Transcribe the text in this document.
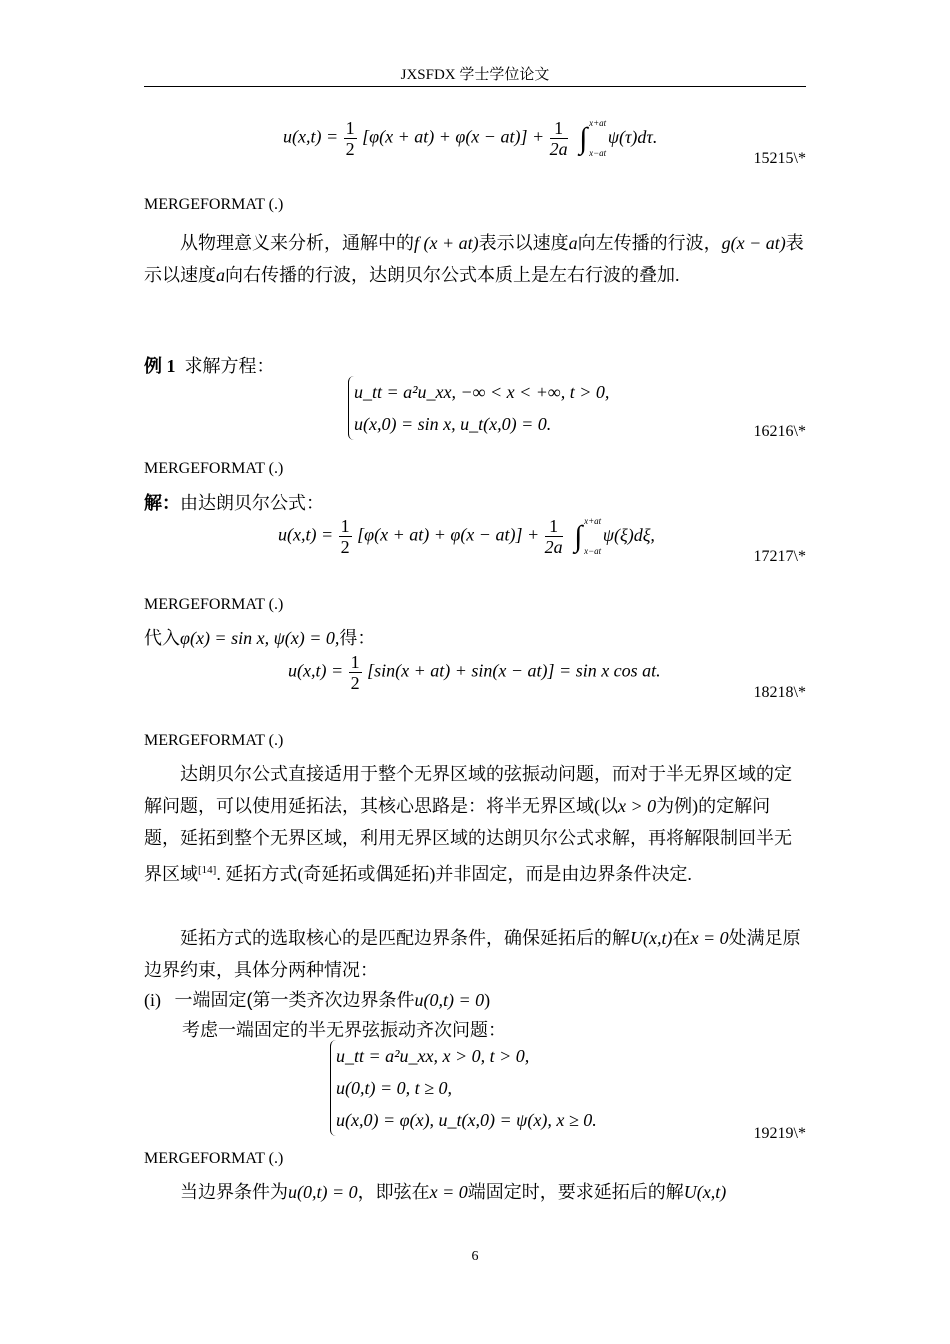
JXSFDX 学士学位论文
$u(x,t) = \frac{1}{2} [\varphi(x + at) + \varphi(x - at)] + \frac{1}{2a}$ ∫ x+at
x−at
ψ(τ)dτ.
15215\*
MERGEFORMAT (.)
从物理意义来分析，通解中的f (x + at)表示以速度a向左传播的行波，g(x − at)表示以速度a向右传播的行波，达朗贝尔公式本质上是左右行波的叠加.
例 1 求解方程：
u_tt = a²u_xx, −∞ < x < +∞, t > 0,
u(x,0) = sin x, u_t(x,0) = 0.	16216\*
MERGEFORMAT (.)
解：由达朗贝尔公式：
$u(x,t) = \frac{1}{2} [\varphi(x + at) + \varphi(x - at)] + \frac{1}{2a}$ ∫ x+at
x−at
ψ(ξ)dξ,
17217\*
MERGEFORMAT (.)
代入φ(x) = sin x, ψ(x) = 0,得：
$u(x,t) = \frac{1}{2} [\sin(x + at) + \sin(x - at)] = \sin x$ cos at.
18218\*
MERGEFORMAT (.)
达朗贝尔公式直接适用于整个无界区域的弦振动问题，而对于半无界区域的定解问题，可以使用延拓法，其核心思路是：将半无界区域(以x > 0为例)的定解问题，延拓到整个无界区域，利用无界区域的达朗贝尔公式求解，再将解限制回半无界区域[14]. 延拓方式(奇延拓或偶延拓)并非固定，而是由边界条件决定.
延拓方式的选取核心的是匹配边界条件，确保延拓后的解U(x,t)在x = 0处满足原边界约束，具体分两种情况：
(i) 一端固定(第一类齐次边界条件u(0,t) = 0)
考虑一端固定的半无界弦振动齐次问题：
u_tt = a²u_xx, x > 0, t > 0,
u(0,t) = 0, t ≥ 0,
u(x,0) = φ(x), u_t(x,0) = ψ(x), x ≥ 0.
19219\*
MERGEFORMAT (.)
当边界条件为u(0,t) = 0，即弦在x = 0端固定时，要求延拓后的解U(x,t)
6
